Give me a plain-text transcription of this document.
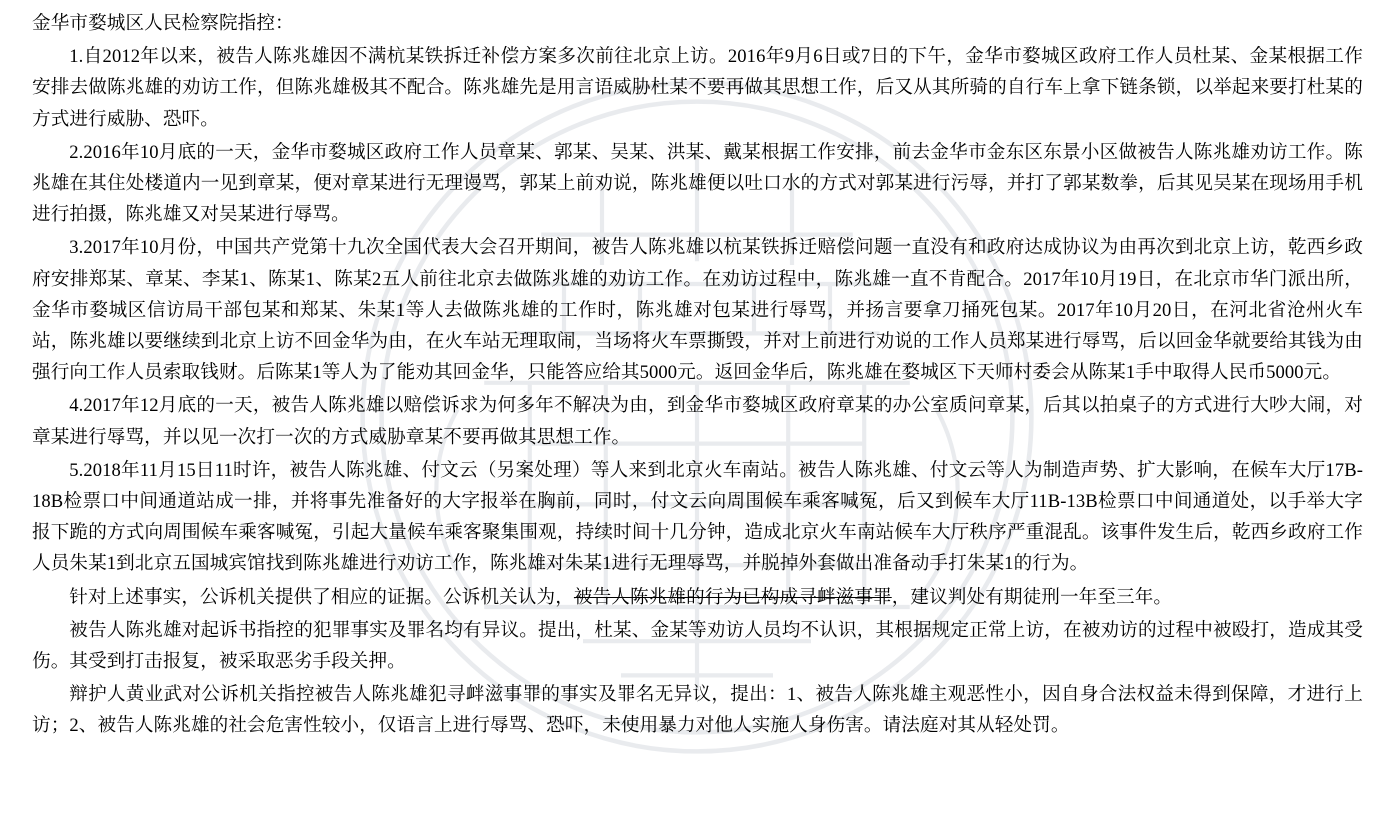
金华市婺城区人民检察院指控：

1.自2012年以来，被告人陈兆雄因不满杭某铁拆迁补偿方案多次前往北京上访。2016年9月6日或7日的下午，金华市婺城区政府工作人员杜某、金某根据工作安排去做陈兆雄的劝访工作，但陈兆雄极其不配合。陈兆雄先是用言语威胁杜某不要再做其思想工作，后又从其所骑的自行车上拿下链条锁，以举起来要打杜某的方式进行威胁、恐吓。

2.2016年10月底的一天，金华市婺城区政府工作人员章某、郭某、吴某、洪某、戴某根据工作安排，前去金华市金东区东景小区做被告人陈兆雄劝访工作。陈兆雄在其住处楼道内一见到章某，便对章某进行无理谩骂，郭某上前劝说，陈兆雄便以吐口水的方式对郭某进行污辱，并打了郭某数拳，后其见吴某在现场用手机进行拍摄，陈兆雄又对吴某进行辱骂。

3.2017年10月份，中国共产党第十九次全国代表大会召开期间，被告人陈兆雄以杭某铁拆迁赔偿问题一直没有和政府达成协议为由再次到北京上访，乾西乡政府安排郑某、章某、李某1、陈某1、陈某2五人前往北京去做陈兆雄的劝访工作。在劝访过程中，陈兆雄一直不肯配合。2017年10月19日，在北京市华门派出所，金华市婺城区信访局干部包某和郑某、朱某1等人去做陈兆雄的工作时，陈兆雄对包某进行辱骂，并扬言要拿刀捅死包某。2017年10月20日，在河北省沧州火车站，陈兆雄以要继续到北京上访不回金华为由，在火车站无理取闹，当场将火车票撕毁，并对上前进行劝说的工作人员郑某进行辱骂，后以回金华就要给其钱为由强行向工作人员索取钱财。后陈某1等人为了能劝其回金华，只能答应给其5000元。返回金华后，陈兆雄在婺城区下天师村委会从陈某1手中取得人民币5000元。

4.2017年12月底的一天，被告人陈兆雄以赔偿诉求为何多年不解决为由，到金华市婺城区政府章某的办公室质问章某，后其以拍桌子的方式进行大吵大闹，对章某进行辱骂，并以见一次打一次的方式威胁章某不要再做其思想工作。

5.2018年11月15日11时许，被告人陈兆雄、付文云（另案处理）等人来到北京火车南站。被告人陈兆雄、付文云等人为制造声势、扩大影响，在候车大厅17B-18B检票口中间通道站成一排，并将事先准备好的大字报举在胸前，同时，付文云向周围候车乘客喊冤，后又到候车大厅11B-13B检票口中间通道处，以手举大字报下跪的方式向周围候车乘客喊冤，引起大量候车乘客聚集围观，持续时间十几分钟，造成北京火车南站候车大厅秩序严重混乱。该事件发生后，乾西乡政府工作人员朱某1到北京五国城宾馆找到陈兆雄进行劝访工作，陈兆雄对朱某1进行无理辱骂，并脱掉外套做出准备动手打朱某1的行为。

针对上述事实，公诉机关提供了相应的证据。公诉机关认为，被告人陈兆雄的行为已构成寻衅滋事罪，建议判处有期徒刑一年至三年。

被告人陈兆雄对起诉书指控的犯罪事实及罪名均有异议。提出，杜某、金某等劝访人员均不认识，其根据规定正常上访，在被劝访的过程中被殴打，造成其受伤。其受到打击报复，被采取恶劣手段关押。

辩护人黄业武对公诉机关指控被告人陈兆雄犯寻衅滋事罪的事实及罪名无异议，提出：1、被告人陈兆雄主观恶性小，因自身合法权益未得到保障，才进行上访；2、被告人陈兆雄的社会危害性较小，仅语言上进行辱骂、恐吓，未使用暴力对他人实施人身伤害。请法庭对其从轻处罚。
